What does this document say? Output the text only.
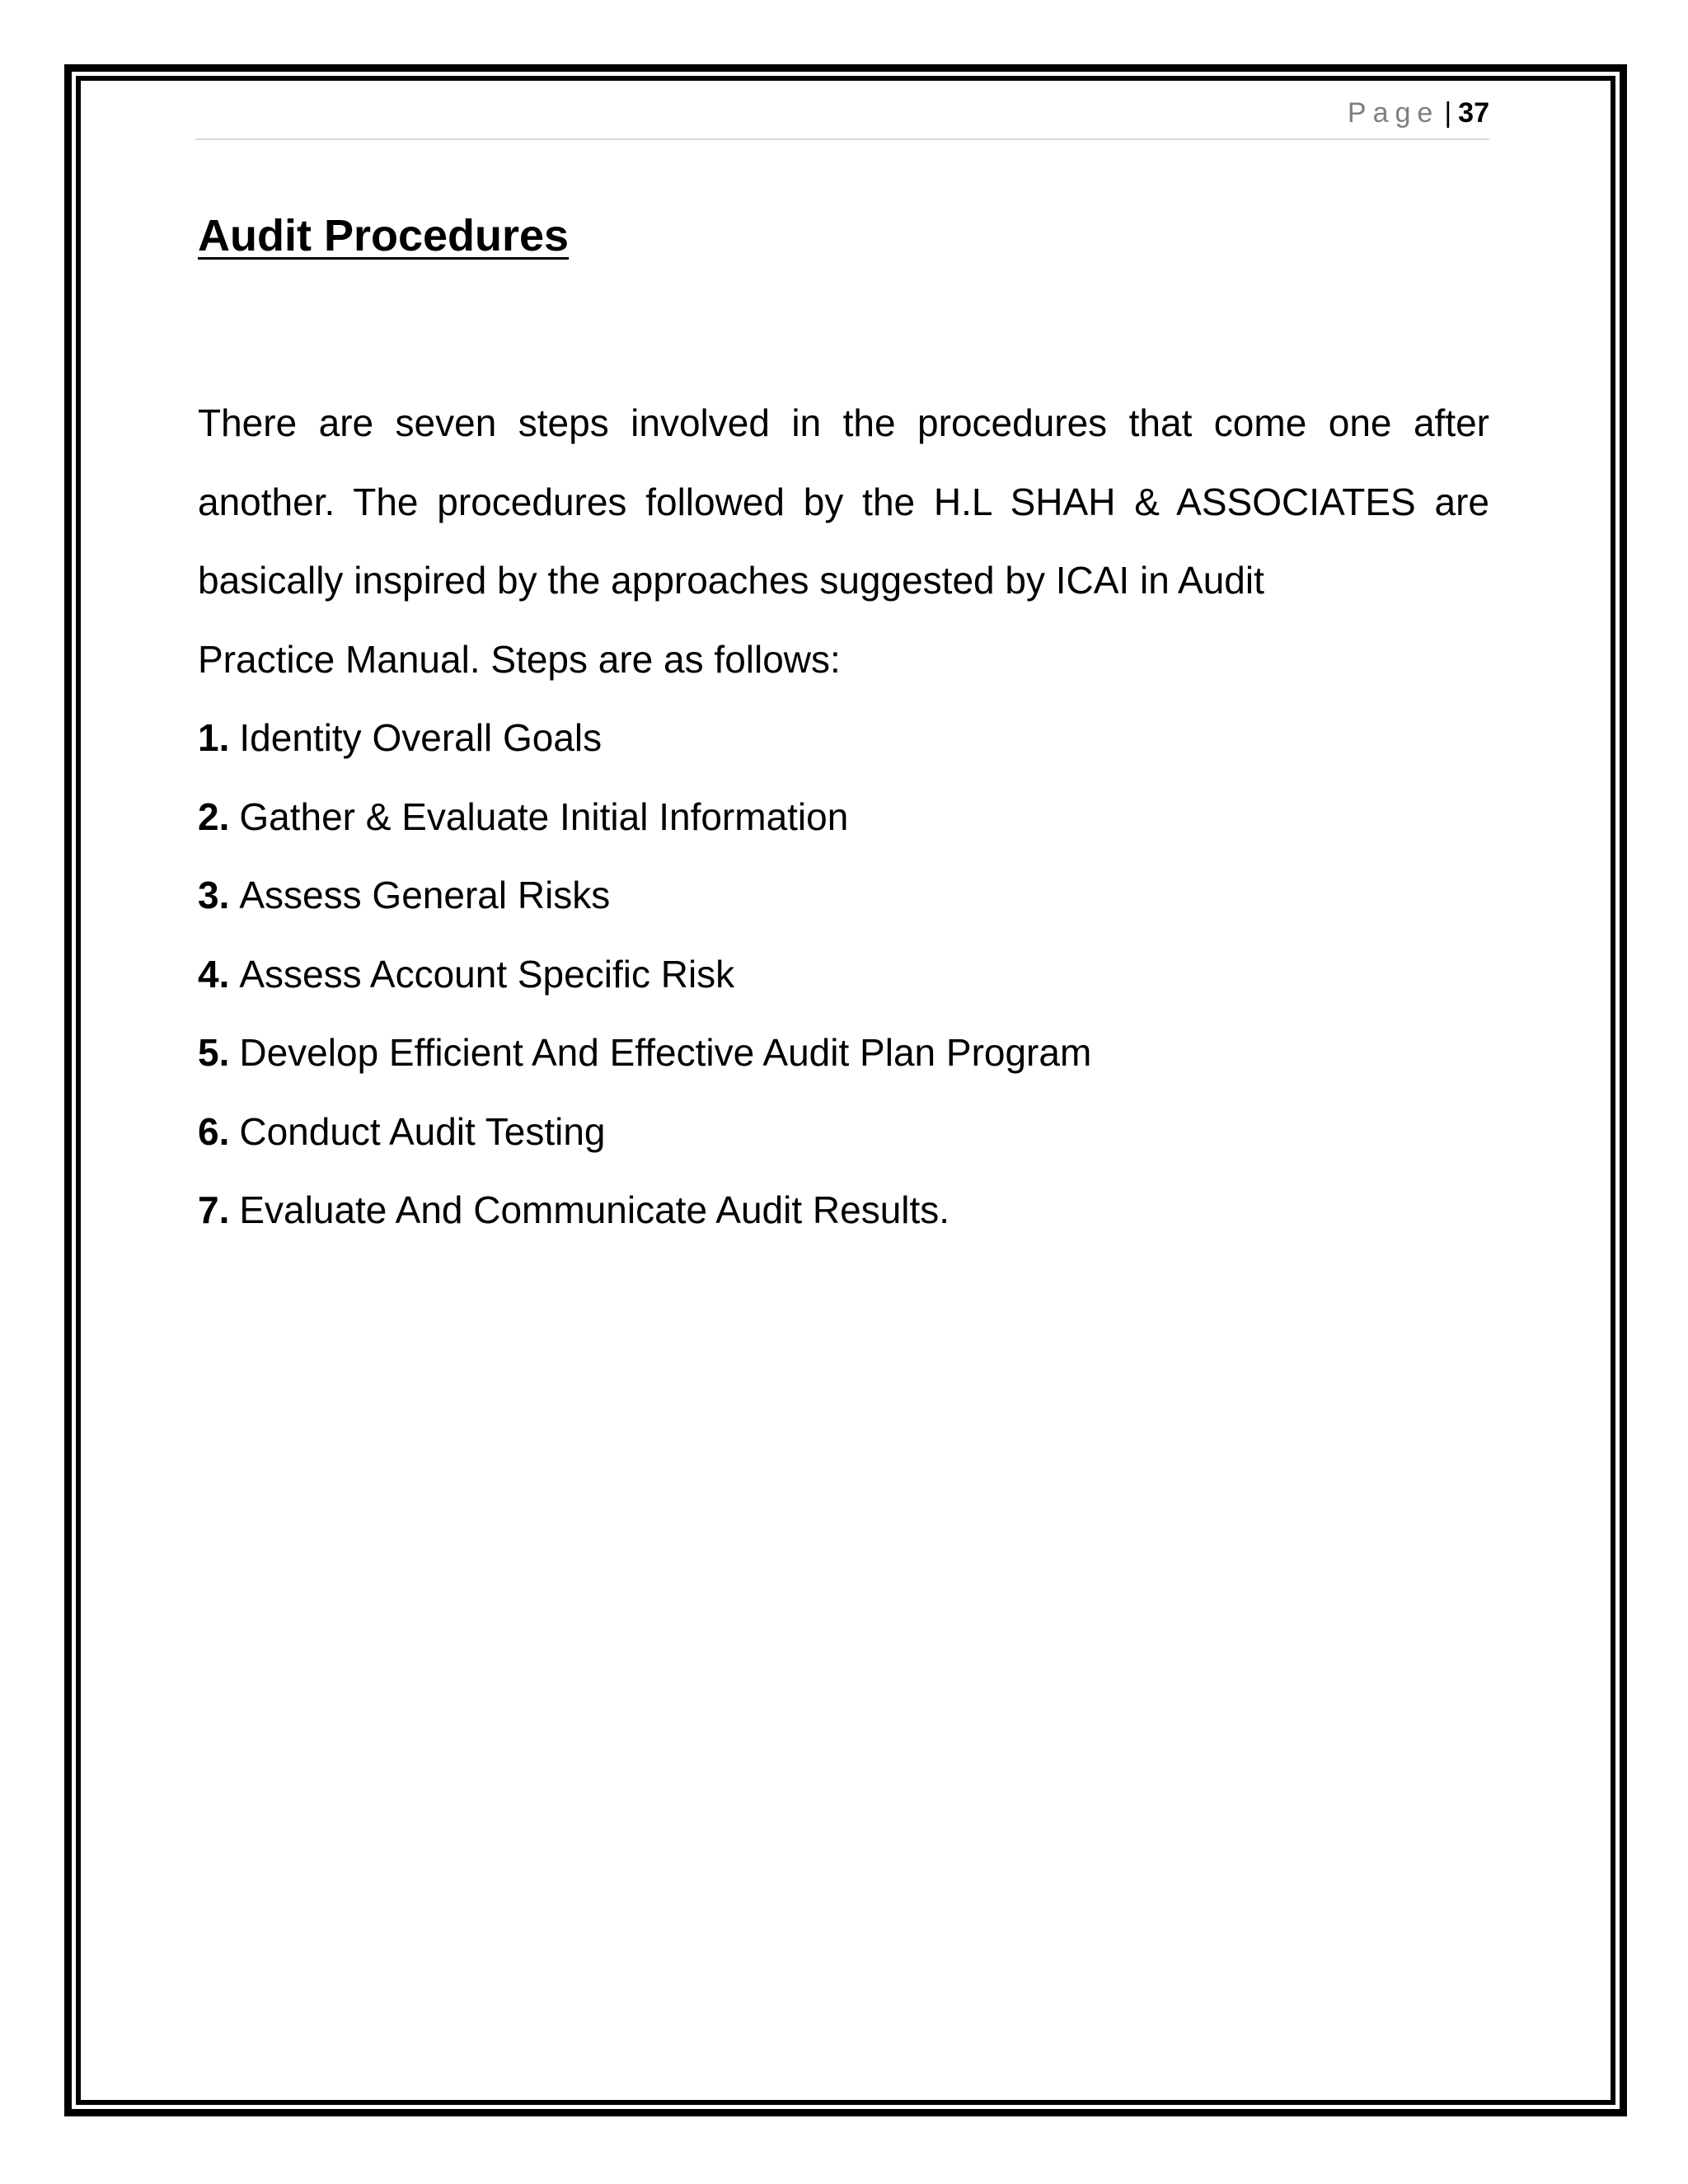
Page | 37
Audit Procedures

There are seven steps involved in the procedures that come one after another. The procedures followed by the H.L SHAH & ASSOCIATES are basically inspired by the approaches suggested by ICAI in Audit

Practice Manual. Steps are as follows:

1. Identity Overall Goals
2. Gather & Evaluate Initial Information
3. Assess General Risks
4. Assess Account Specific Risk
5. Develop Efficient And Effective Audit Plan Program
6. Conduct Audit Testing
7. Evaluate And Communicate Audit Results.
